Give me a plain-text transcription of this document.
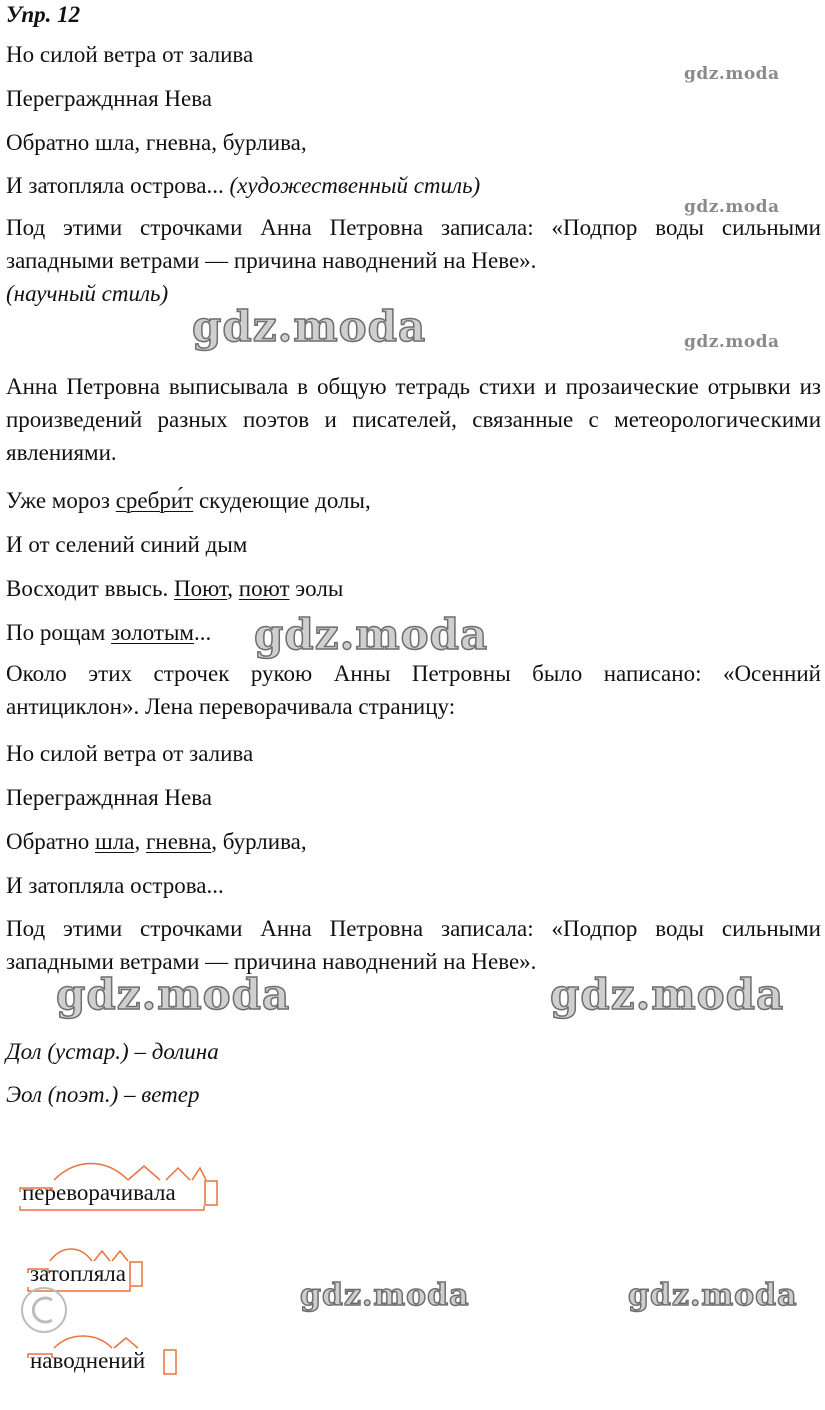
Упр. 12
Но силой ветра от залива
Перегражднная Нева
Обратно шла, гневна, бурлива,
И затопляла острова... (художественный стиль)
Под этими строчками Анна Петровна записала: «Подпор воды сильными западными ветрами — причина наводнений на Неве».
(научный стиль)
Анна Петровна выписывала в общую тетрадь стихи и прозаические отрывки из произведений разных поэтов и писателей, связанные с метеорологическими явлениями.
Уже мороз сребри́т скудеющие долы,
И от селений синий дым
Восходит ввысь. Поют, поют эолы
По рощам золотым...
Около этих строчек рукою Анны Петровны было написано: «Осенний антициклон». Лена переворачивала страницу:
Но силой ветра от залива
Перегражднная Нева
Обратно шла, гневна, бурлива,
И затопляла острова...
Под этими строчками Анна Петровна записала: «Подпор воды сильными западными ветрами — причина наводнений на Неве».
Дол (устар.) – долина
Эол (поэт.) – ветер
переворачивала
затопляла
наводнений
gdz.moda
gdz.moda
gdz.moda
gdz.moda
gdz.moda
gdz.moda	gdz.moda
gdz.moda	gdz.moda
